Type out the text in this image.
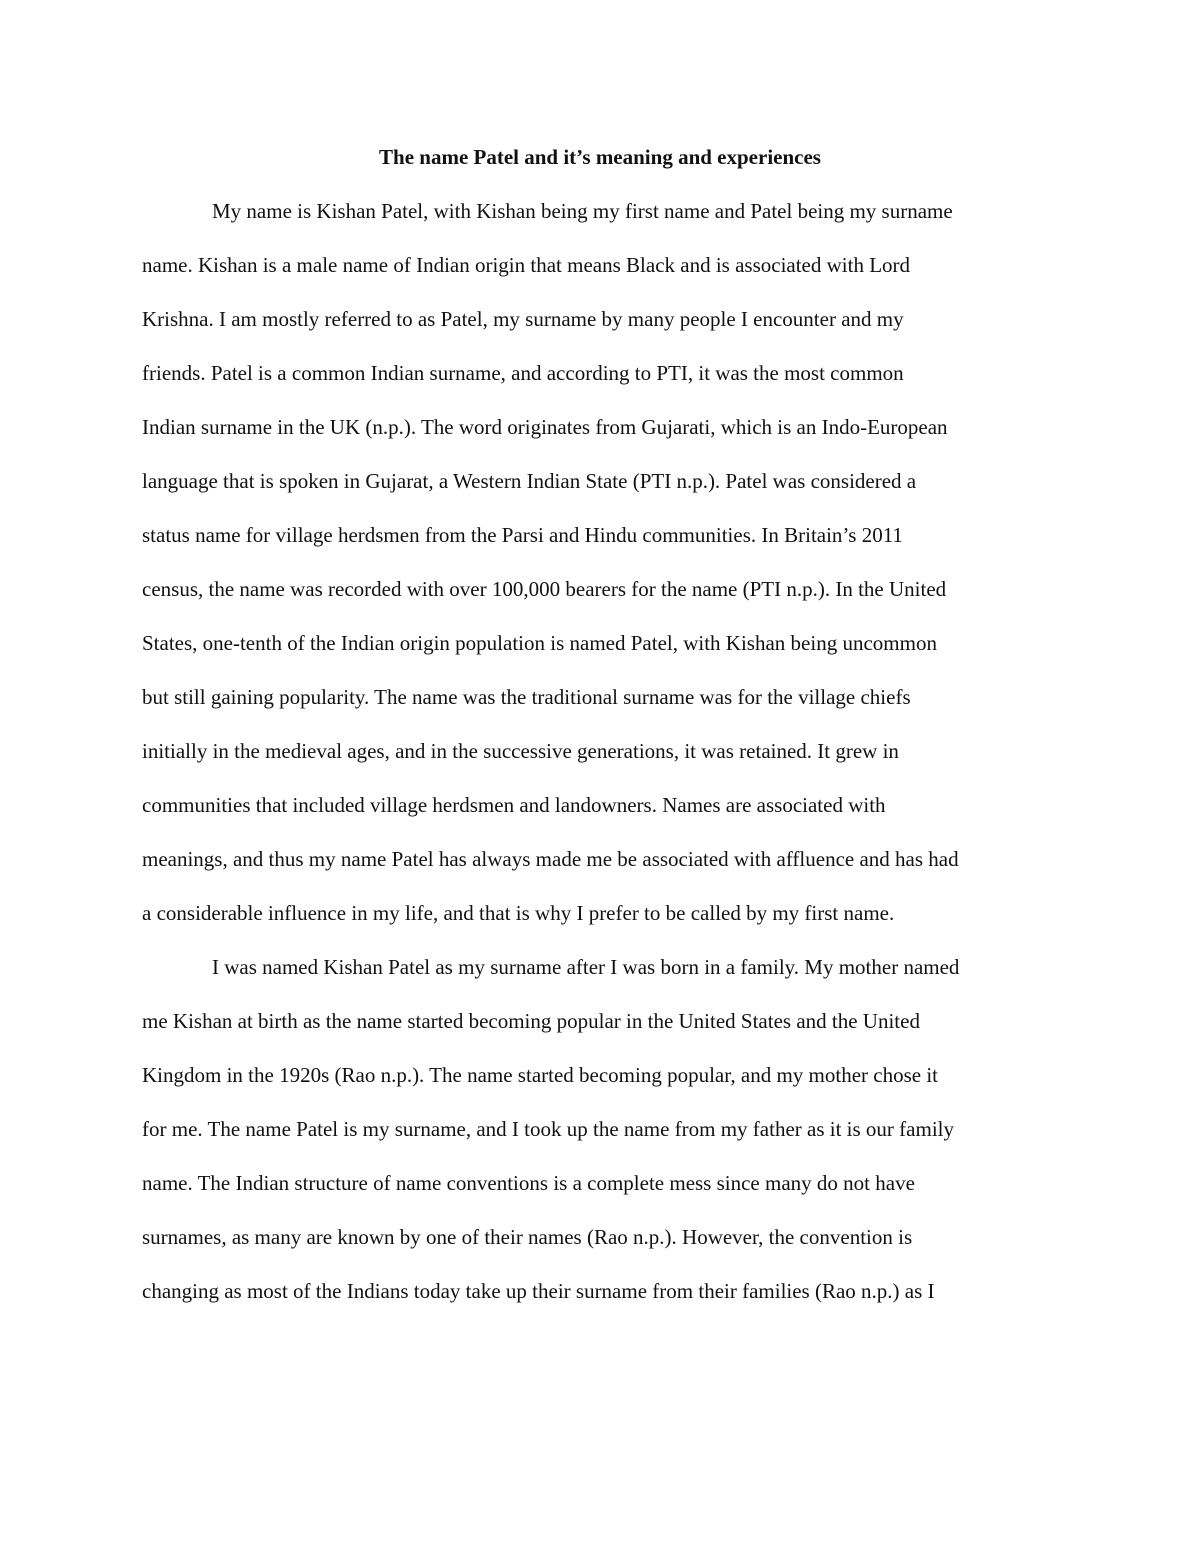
The name Patel and it’s meaning and experiences

My name is Kishan Patel, with Kishan being my first name and Patel being my surname

name. Kishan is a male name of Indian origin that means Black and is associated with Lord

Krishna. I am mostly referred to as Patel, my surname by many people I encounter and my

friends. Patel is a common Indian surname, and according to PTI, it was the most common

Indian surname in the UK (n.p.). The word originates from Gujarati, which is an Indo-European

language that is spoken in Gujarat, a Western Indian State (PTI n.p.). Patel was considered a

status name for village herdsmen from the Parsi and Hindu communities. In Britain’s 2011

census, the name was recorded with over 100,000 bearers for the name (PTI n.p.). In the United

States, one-tenth of the Indian origin population is named Patel, with Kishan being uncommon

but still gaining popularity. The name was the traditional surname was for the village chiefs

initially in the medieval ages, and in the successive generations, it was retained. It grew in

communities that included village herdsmen and landowners. Names are associated with

meanings, and thus my name Patel has always made me be associated with affluence and has had

a considerable influence in my life, and that is why I prefer to be called by my first name.

I was named Kishan Patel as my surname after I was born in a family. My mother named

me Kishan at birth as the name started becoming popular in the United States and the United

Kingdom in the 1920s (Rao n.p.). The name started becoming popular, and my mother chose it

for me. The name Patel is my surname, and I took up the name from my father as it is our family

name. The Indian structure of name conventions is a complete mess since many do not have

surnames, as many are known by one of their names (Rao n.p.). However, the convention is

changing as most of the Indians today take up their surname from their families (Rao n.p.) as I
